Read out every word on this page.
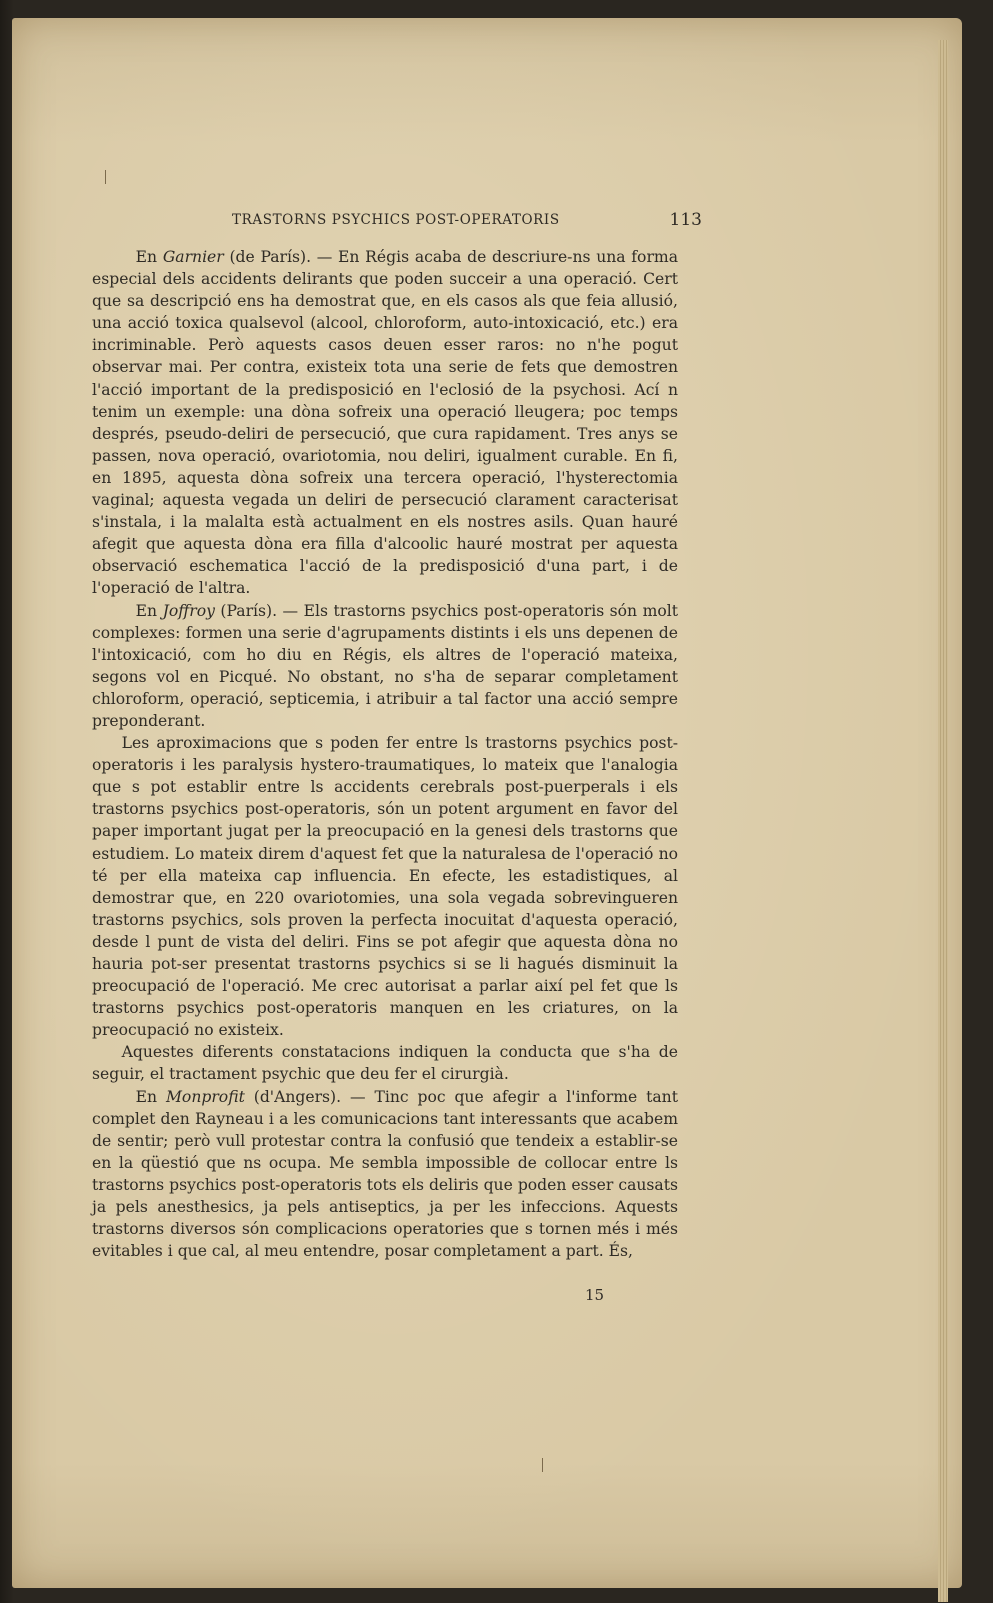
TRASTORNS PSYCHICS POST-OPERATORIS	113

En Garnier (de París). — En Régis acaba de descriure-ns una forma especial dels accidents delirants que poden succeir a una operació. Cert que sa descripció ens ha demostrat que, en els casos als que feia allusió, una acció toxica qualsevol (alcool, chloroform, auto-intoxicació, etc.) era incriminable. Però aquests casos deuen esser raros: no n'he pogut observar mai. Per contra, existeix tota una serie de fets que demostren l'acció important de la predisposició en l'eclosió de la psychosi. Ací n tenim un exemple: una dòna sofreix una operació lleugera; poc temps després, pseudo-deliri de persecució, que cura rapidament. Tres anys se passen, nova operació, ovariotomia, nou deliri, igualment curable. En fi, en 1895, aquesta dòna sofreix una tercera operació, l'hysterectomia vaginal; aquesta vegada un deliri de persecució clarament caracterisat s'instala, i la malalta està actualment en els nostres asils. Quan hauré afegit que aquesta dòna era filla d'alcoolic hauré mostrat per aquesta observació eschematica l'acció de la predisposició d'una part, i de l'operació de l'altra.

En Joffroy (París). — Els trastorns psychics post-operatoris són molt complexes: formen una serie d'agrupaments distints i els uns depenen de l'intoxicació, com ho diu en Régis, els altres de l'operació mateixa, segons vol en Picqué. No obstant, no s'ha de separar completament chloroform, operació, septicemia, i atribuir a tal factor una acció sempre preponderant.

Les aproximacions que s poden fer entre ls trastorns psychics post-operatoris i les paralysis hystero-traumatiques, lo mateix que l'analogia que s pot establir entre ls accidents cerebrals post-puerperals i els trastorns psychics post-operatoris, són un potent argument en favor del paper important jugat per la preocupació en la genesi dels trastorns que estudiem. Lo mateix direm d'aquest fet que la naturalesa de l'operació no té per ella mateixa cap influencia. En efecte, les estadistiques, al demostrar que, en 220 ovariotomies, una sola vegada sobrevingueren trastorns psychics, sols proven la perfecta inocuitat d'aquesta operació, desde l punt de vista del deliri. Fins se pot afegir que aquesta dòna no hauria pot-ser presentat trastorns psychics si se li hagués disminuit la preocupació de l'operació. Me crec autorisat a parlar així pel fet que ls trastorns psychics post-operatoris manquen en les criatures, on la preocupació no existeix.

Aquestes diferents constatacions indiquen la conducta que s'ha de seguir, el tractament psychic que deu fer el cirurgià.

En Monprofit (d'Angers). — Tinc poc que afegir a l'informe tant complet den Rayneau i a les comunicacions tant interessants que acabem de sentir; però vull protestar contra la confusió que tendeix a establir-se en la qüestió que ns ocupa. Me sembla impossible de collocar entre ls trastorns psychics post-operatoris tots els deliris que poden esser causats ja pels anesthesics, ja pels antiseptics, ja per les infeccions. Aquests trastorns diversos són complicacions operatories que s tornen més i més evitables i que cal, al meu entendre, posar completament a part. És,

15
